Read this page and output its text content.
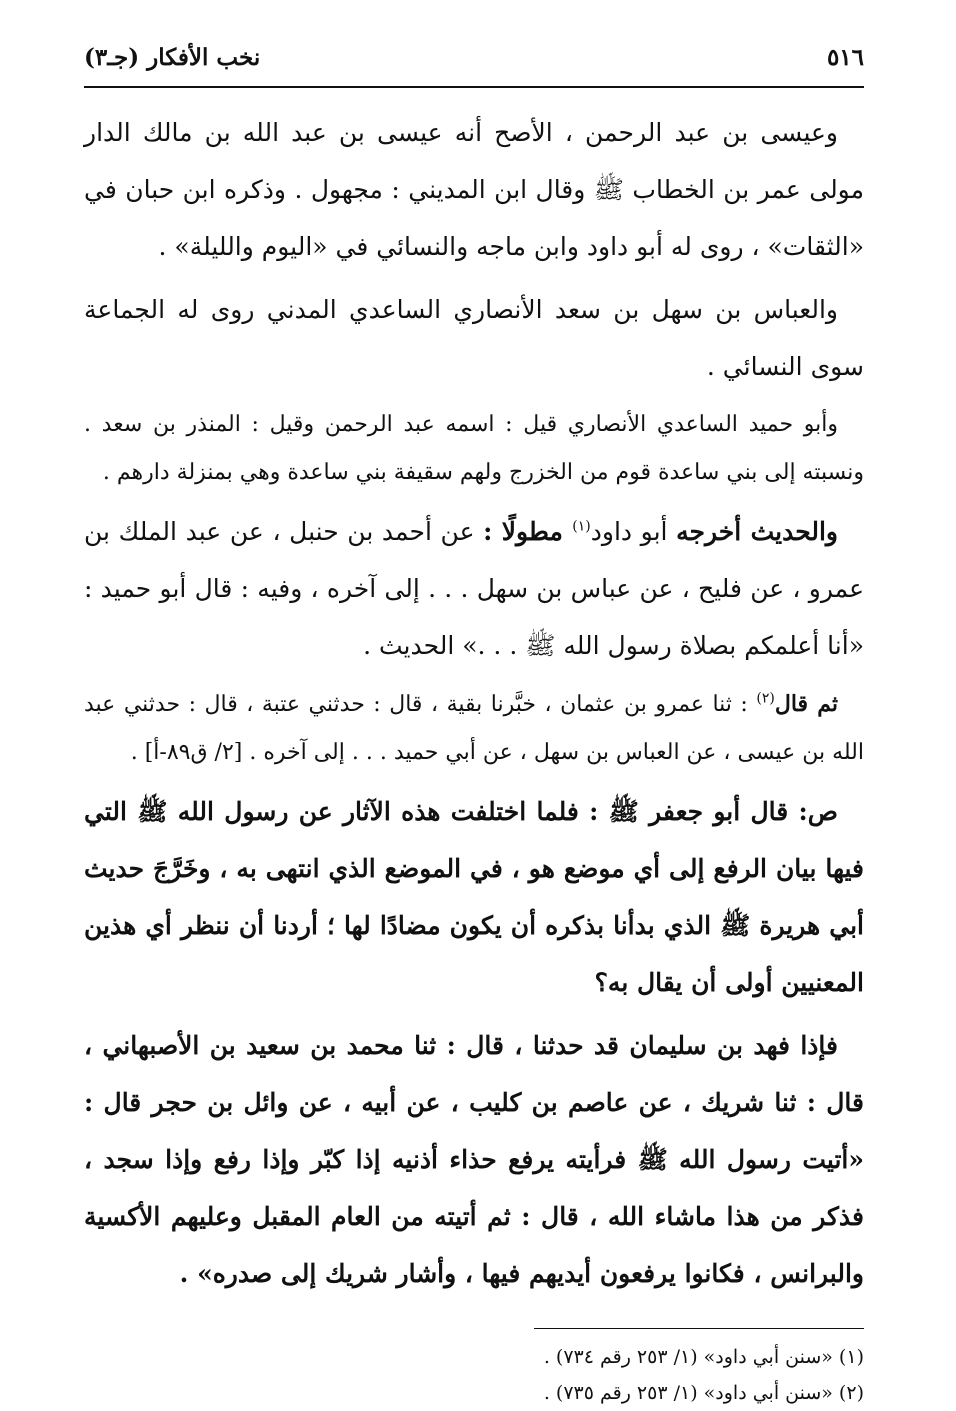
٥١٦
نخب الأفكار (جـ٣)

وعيسى بن عبد الرحمن ، الأصح أنه عيسى بن عبد الله بن مالك الدار مولى عمر بن الخطاب ﷺ وقال ابن المديني : مجهول . وذكره ابن حبان في «الثقات» ، روى له أبو داود وابن ماجه والنسائي في «اليوم والليلة» .

والعباس بن سهل بن سعد الأنصاري الساعدي المدني روى له الجماعة سوى النسائي .

وأبو حميد الساعدي الأنصاري قيل : اسمه عبد الرحمن وقيل : المنذر بن سعد . ونسبته إلى بني ساعدة قوم من الخزرج ولهم سقيفة بني ساعدة وهي بمنزلة دارهم .

والحديث أخرجه أبو داود$^{(١)}$ مطولًا : عن أحمد بن حنبل ، عن عبد الملك بن عمرو ، عن فليح ، عن عباس بن سهل . . . إلى آخره ، وفيه : قال أبو حميد : «أنا أعلمكم بصلاة رسول الله ﷺ . . .» الحديث .

ثم قال$^{(٢)}$ : ثنا عمرو بن عثمان ، خبَّرنا بقية ، قال : حدثني عتبة ، قال : حدثني عبد الله بن عيسى ، عن العباس بن سهل ، عن أبي حميد . . . إلى آخره . [٢/ ق٨٩-أ] .

ص: قال أبو جعفر ﷺ : فلما اختلفت هذه الآثار عن رسول الله ﷺ التي فيها بيان الرفع إلى أي موضع هو ، في الموضع الذي انتهى به ، وخَرَّجَ حديث أبي هريرة ﷺ الذي بدأنا بذكره أن يكون مضادًا لها ؛ أردنا أن ننظر أي هذين المعنيين أولى أن يقال به؟

فإذا فهد بن سليمان قد حدثنا ، قال : ثنا محمد بن سعيد بن الأصبهاني ، قال : ثنا شريك ، عن عاصم بن كليب ، عن أبيه ، عن وائل بن حجر قال : «أتيت رسول الله ﷺ فرأيته يرفع حذاء أذنيه إذا كبّر وإذا رفع وإذا سجد ، فذكر من هذا ماشاء الله ، قال : ثم أتيته من العام المقبل وعليهم الأكسية والبرانس ، فكانوا يرفعون أيديهم فيها ، وأشار شريك إلى صدره» .

(١) «سنن أبي داود» (١/ ٢٥٣ رقم ٧٣٤) .

(٢) «سنن أبي داود» (١/ ٢٥٣ رقم ٧٣٥) .
